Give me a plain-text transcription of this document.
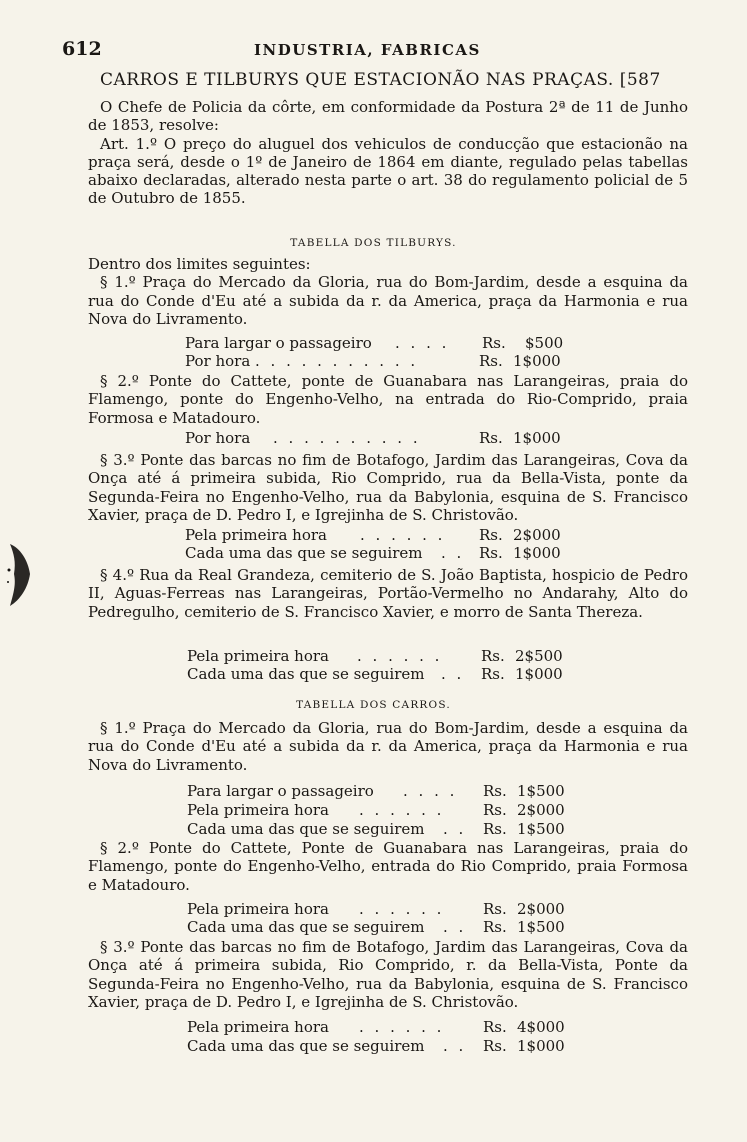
612	INDUSTRIA, FABRICAS
CARROS E TILBURYS QUE ESTACIONÃO NAS PRAÇAS. [587

O Chefe de Policia da côrte, em conformidade da Postura 2ª de 11 de Junho de 1853, resolve:

Art. 1.º O preço do aluguel dos vehiculos de conducção que estacionão na praça será, desde o 1º de Janeiro de 1864 em diante, regulado pelas tabellas abaixo declaradas, alterado nesta parte o art. 38 do regulamento policial de 5 de Outubro de 1855.

TABELLA DOS TILBURYS.

Dentro dos limites seguintes:

§ 1.º Praça do Mercado da Gloria, rua do Bom-Jardim, desde a esquina da rua do Conde d'Eu até a subida da r. da America, praça da Harmonia e rua Nova do Livramento.

Para largar o passageiro . . . . Rs. $500
Por hora . . . . . . . . . . .	Rs. 1$000

§ 2.º Ponte do Cattete, ponte de Guanabara nas Larangeiras, praia do Flamengo, ponte do Engenho-Velho, na entrada do Rio-Comprido, praia Formosa e Matadouro.

Por hora . . . . . . . . . .	Rs. 1$000

§ 3.º Ponte das barcas no fim de Botafogo, Jardim das Larangeiras, Cova da Onça até á primeira subida, Rio Comprido, rua da Bella-Vista, ponte da Segunda-Feira no Engenho-Velho, rua da Babylonia, esquina de S. Francisco Xavier, praça de D. Pedro I, e Igrejinha de S. Christovão.

Pela primeira hora . . . . . . Rs. 2$000
Cada uma das que se seguirem . . Rs. 1$000

§ 4.º Rua da Real Grandeza, cemiterio de S. João Baptista, hospicio de Pedro II, Aguas-Ferreas nas Larangeiras, Portão-Vermelho no Andarahy, Alto do Pedregulho, cemiterio de S. Francisco Xavier, e morro de Santa Thereza.

Pela primeira hora . . . . . .	Rs. 2$500
Cada uma das que se seguirem . . Rs. 1$000
TABELLA DOS CARROS.

§ 1.º Praça do Mercado da Gloria, rua do Bom-Jardim, desde a esquina da rua do Conde d'Eu até a subida da r. da America, praça da Harmonia e rua Nova do Livramento.

Para largar o passageiro . . . . Rs. 1$500
Pela primeira hora . . . . . .	Rs. 2$000
Cada uma das que se seguirem . . Rs. 1$500

§ 2.º Ponte do Cattete, Ponte de Guanabara nas Larangeiras, praia do Flamengo, ponte do Engenho-Velho, entrada do Rio Comprido, praia Formosa e Matadouro.

Pela primeira hora . . . . . .	Rs. 2$000
Cada uma das que se seguirem . . Rs. 1$500

§ 3.º Ponte das barcas no fim de Botafogo, Jardim das Larangeiras, Cova da Onça até á primeira subida, Rio Comprido, r. da Bella-Vista, Ponte da Segunda-Feira no Engenho-Velho, rua da Babylonia, esquina de S. Francisco Xavier, praça de D. Pedro I, e Igrejinha de S. Christovão.

Pela primeira hora . . . . . .	Rs. 4$000
Cada uma das que se seguirem . . Rs. 1$000
